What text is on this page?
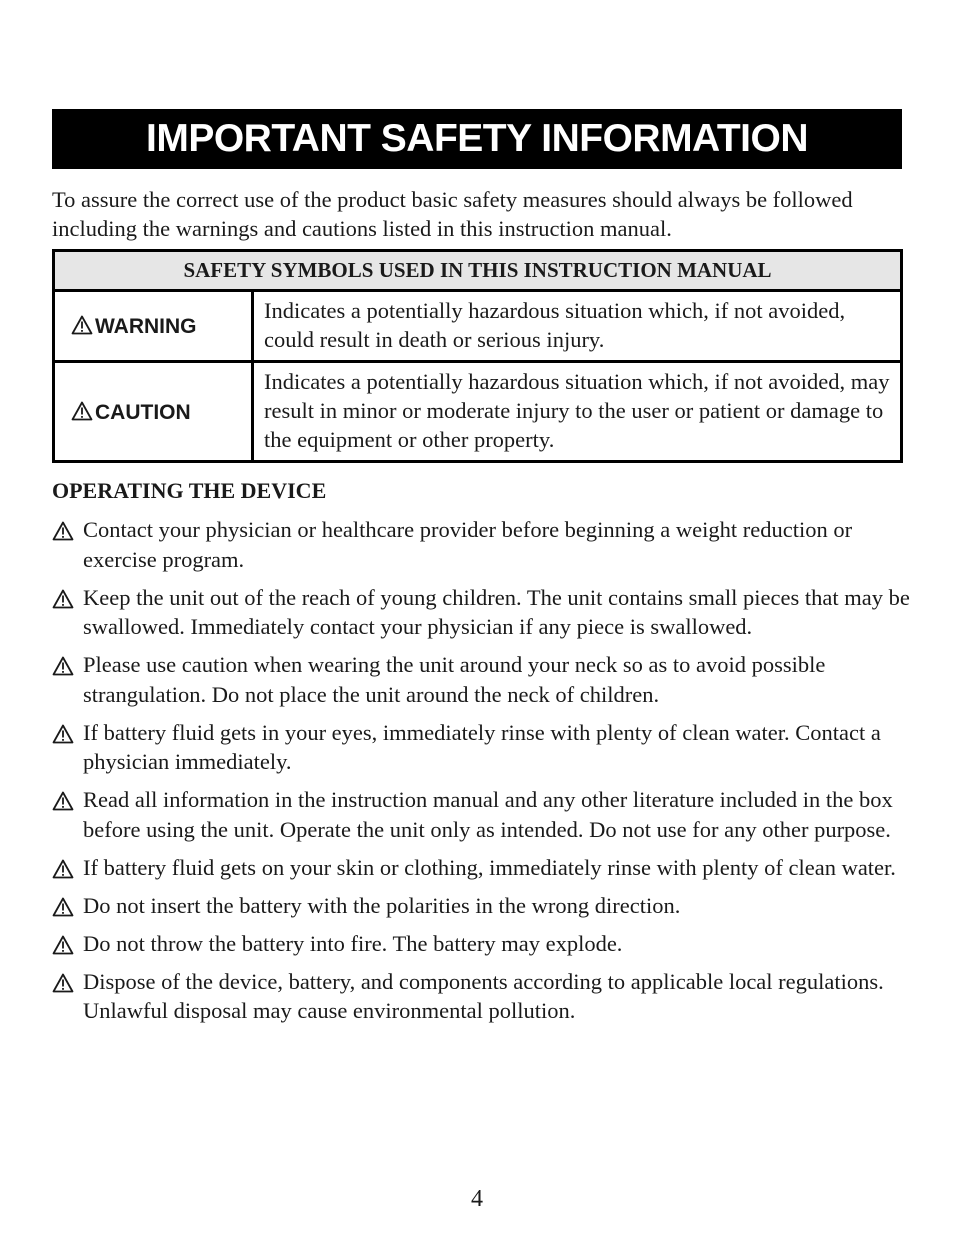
IMPORTANT SAFETY INFORMATION

To assure the correct use of the product basic safety measures should always be followed including the warnings and cautions listed in this instruction manual.

SAFETY SYMBOLS USED IN THIS INSTRUCTION MANUAL	
WARNING	Indicates a potentially hazardous situation which, if not avoided, could result in death or serious injury.
CAUTION	Indicates a potentially hazardous situation which, if not avoided, may result in minor or moderate injury to the user or patient or damage to the equipment or other property.
OPERATING THE DEVICE
Contact your physician or healthcare provider before beginning a weight reduction or exercise program.
Keep the unit out of the reach of young children. The unit contains small pieces that may be swallowed. Immediately contact your physician if any piece is swallowed.
Please use caution when wearing the unit around your neck so as to avoid possible strangulation. Do not place the unit around the neck of children.
If battery fluid gets in your eyes, immediately rinse with plenty of clean water. Contact a physician immediately.
Read all information in the instruction manual and any other literature included in the box before using the unit. Operate the unit only as intended. Do not use for any other purpose.
If battery fluid gets on your skin or clothing, immediately rinse with plenty of clean water.
Do not insert the battery with the polarities in the wrong direction.
Do not throw the battery into fire. The battery may explode.
Dispose of the device, battery, and components according to applicable local regulations. Unlawful disposal may cause environmental pollution.
4
